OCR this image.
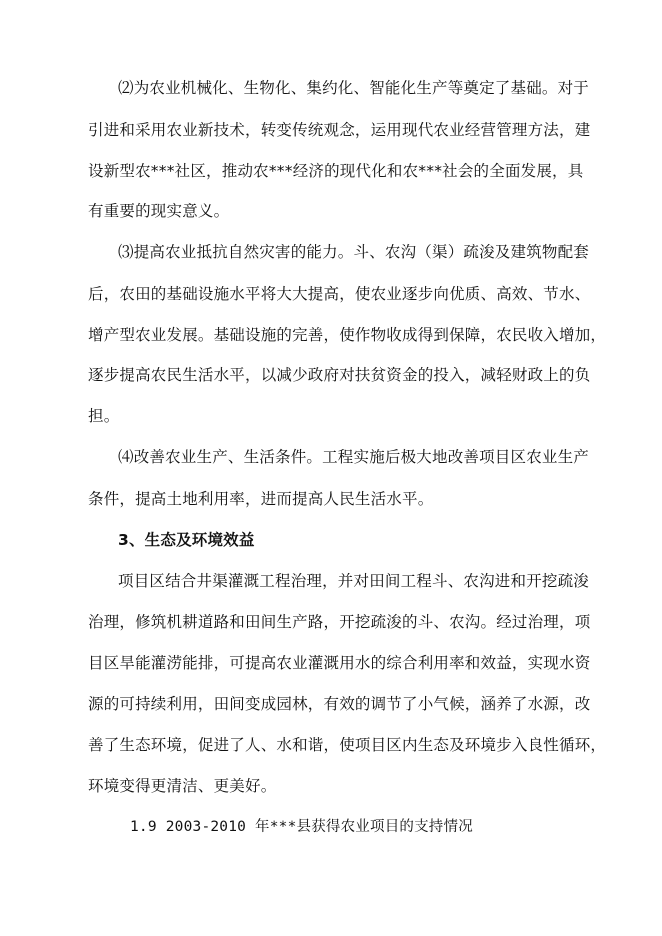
⑵为农业机械化、生物化、集约化、智能化生产等奠定了基础。对于
引进和采用农业新技术，转变传统观念，运用现代农业经营管理方法，建
设新型农***社区，推动农***经济的现代化和农***社会的全面发展，具
有重要的现实意义。
⑶提高农业抵抗自然灾害的能力。斗、农沟（渠）疏浚及建筑物配套
后，农田的基础设施水平将大大提高，使农业逐步向优质、高效、节水、
增产型农业发展。基础设施的完善，使作物收成得到保障，农民收入增加，
逐步提高农民生活水平，以减少政府对扶贫资金的投入，减轻财政上的负
担。
⑷改善农业生产、生活条件。工程实施后极大地改善项目区农业生产
条件，提高土地利用率，进而提高人民生活水平。
3、生态及环境效益
项目区结合井渠灌溉工程治理，并对田间工程斗、农沟进和开挖疏浚
治理，修筑机耕道路和田间生产路，开挖疏浚的斗、农沟。经过治理，项
目区旱能灌涝能排，可提高农业灌溉用水的综合利用率和效益，实现水资
源的可持续利用，田间变成园林，有效的调节了小气候，涵养了水源，改
善了生态环境，促进了人、水和谐，使项目区内生态及环境步入良性循环，
环境变得更清洁、更美好。
1.9 2003-2010 年***县获得农业项目的支持情况
